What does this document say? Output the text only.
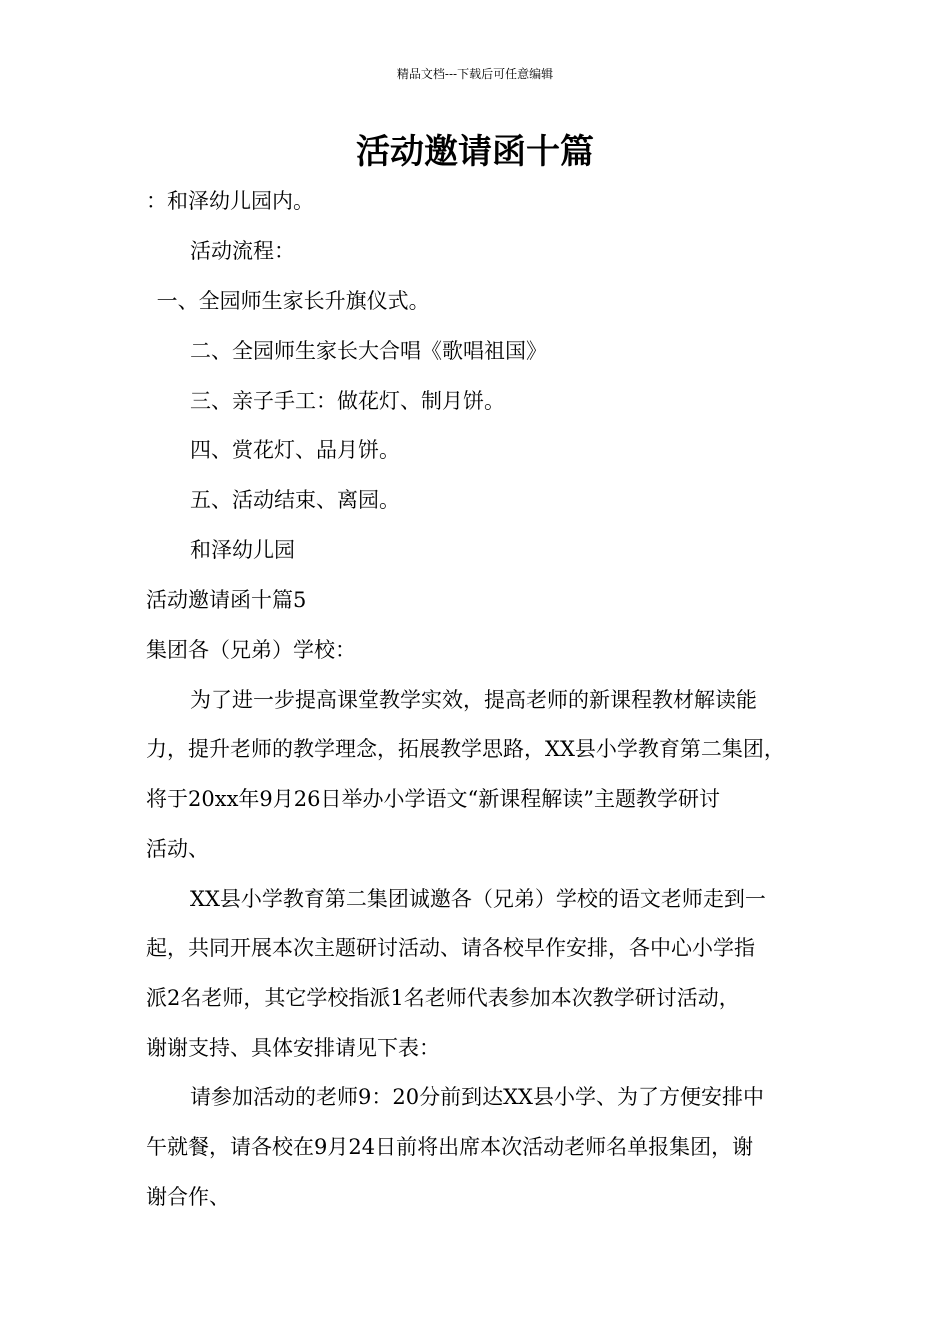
精品文档---下载后可任意编辑
活动邀请函十篇
：和泽幼儿园内。
活动流程：
一、全园师生家长升旗仪式。
二、全园师生家长大合唱《歌唱祖国》
三、亲子手工：做花灯、制月饼。
四、赏花灯、品月饼。
五、活动结束、离园。
和泽幼儿园
活动邀请函十篇5
集团各（兄弟）学校：
为了进一步提高课堂教学实效，提高老师的新课程教材解读能
力，提升老师的教学理念，拓展教学思路，XX县小学教育第二集团，
将于20xx年9月26日举办小学语文“新课程解读”主题教学研讨
活动、
XX县小学教育第二集团诚邀各（兄弟）学校的语文老师走到一
起，共同开展本次主题研讨活动、请各校早作安排，各中心小学指
派2名老师，其它学校指派1名老师代表参加本次教学研讨活动，
谢谢支持、具体安排请见下表：
请参加活动的老师9：20分前到达XX县小学、为了方便安排中
午就餐，请各校在9月24日前将出席本次活动老师名单报集团，谢
谢合作、
